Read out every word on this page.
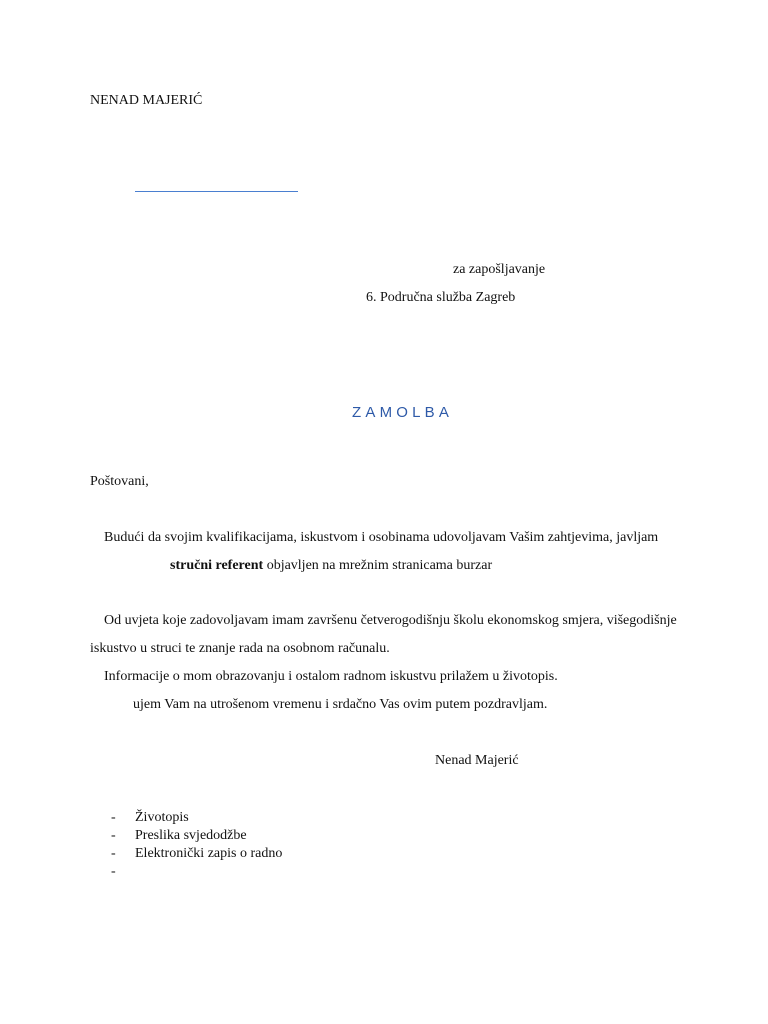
NENAD MAJERIĆ
za zapošljavanje
6. Područna služba Zagreb
ZAMOLBA
Poštovani,
Budući da svojim kvalifikacijama, iskustvom i osobinama udovoljavam Vašim zahtjevima, javljam
stručni referent objavljen na mrežnim stranicama burzar
Od uvjeta koje zadovoljavam imam završenu četverogodišnju školu ekonomskog smjera, višegodišnje
iskustvo u struci te znanje rada na osobnom računalu.
Informacije o mom obrazovanju i ostalom radnom iskustvu prilažem u životopis.
ujem Vam na utrošenom vremenu i srdačno Vas ovim putem pozdravljam.
Nenad Majerić
- Životopis
- Preslika svjedodžbe
- Elektronički zapis o radno
-
